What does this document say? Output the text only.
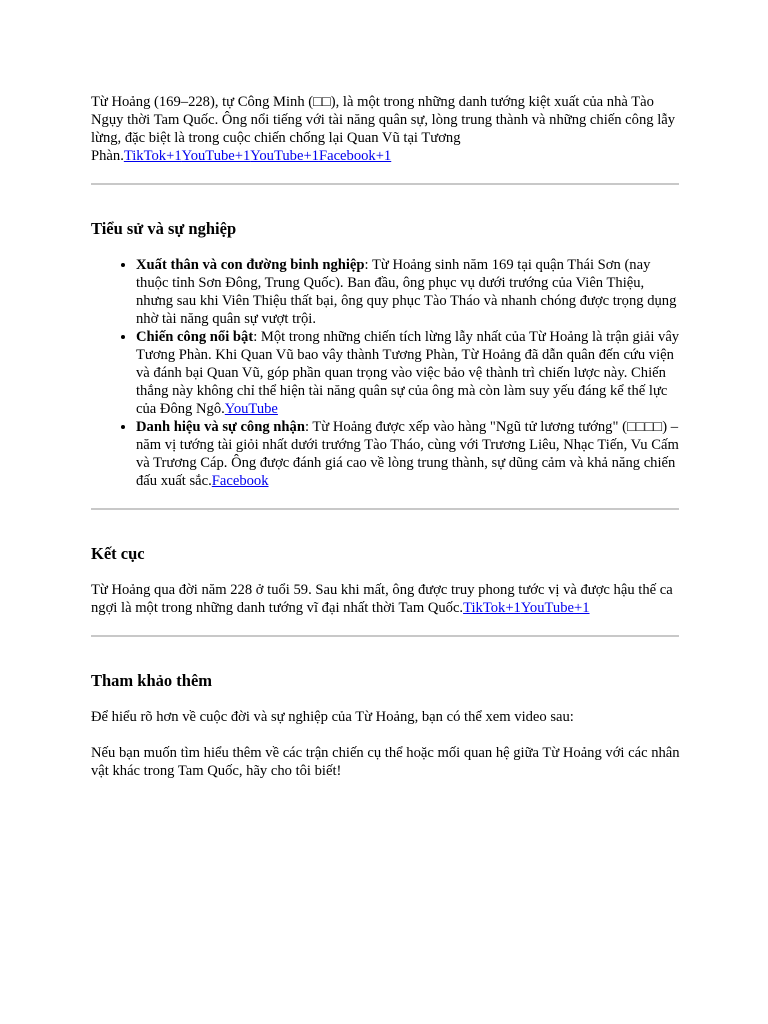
Từ Hoảng (169–228), tự Công Minh (□□), là một trong những danh tướng kiệt xuất của nhà Tào Ngụy thời Tam Quốc. Ông nổi tiếng với tài năng quân sự, lòng trung thành và những chiến công lẫy lừng, đặc biệt là trong cuộc chiến chống lại Quan Vũ tại Tương Phàn.TikTok+1YouTube+1YouTube+1Facebook+1

Tiểu sử và sự nghiệp
• Xuất thân và con đường binh nghiệp: Từ Hoảng sinh năm 169 tại quận Thái Sơn (nay thuộc tỉnh Sơn Đông, Trung Quốc). Ban đầu, ông phục vụ dưới trướng của Viên Thiệu, nhưng sau khi Viên Thiệu thất bại, ông quy phục Tào Tháo và nhanh chóng được trọng dụng nhờ tài năng quân sự vượt trội.
• Chiến công nổi bật: Một trong những chiến tích lừng lẫy nhất của Từ Hoảng là trận giải vây Tương Phàn. Khi Quan Vũ bao vây thành Tương Phàn, Từ Hoảng đã dẫn quân đến cứu viện và đánh bại Quan Vũ, góp phần quan trọng vào việc bảo vệ thành trì chiến lược này. Chiến thắng này không chỉ thể hiện tài năng quân sự của ông mà còn làm suy yếu đáng kể thế lực của Đông Ngô.YouTube
• Danh hiệu và sự công nhận: Từ Hoảng được xếp vào hàng "Ngũ tử lương tướng" (□□□□) – năm vị tướng tài giỏi nhất dưới trướng Tào Tháo, cùng với Trương Liêu, Nhạc Tiến, Vu Cấm và Trương Cáp. Ông được đánh giá cao về lòng trung thành, sự dũng cảm và khả năng chiến đấu xuất sắc.Facebook
Kết cục

Từ Hoảng qua đời năm 228 ở tuổi 59. Sau khi mất, ông được truy phong tước vị và được hậu thế ca ngợi là một trong những danh tướng vĩ đại nhất thời Tam Quốc.TikTok+1YouTube+1

Tham khảo thêm

Để hiểu rõ hơn về cuộc đời và sự nghiệp của Từ Hoảng, bạn có thể xem video sau:

Nếu bạn muốn tìm hiểu thêm về các trận chiến cụ thể hoặc mối quan hệ giữa Từ Hoảng với các nhân vật khác trong Tam Quốc, hãy cho tôi biết!
